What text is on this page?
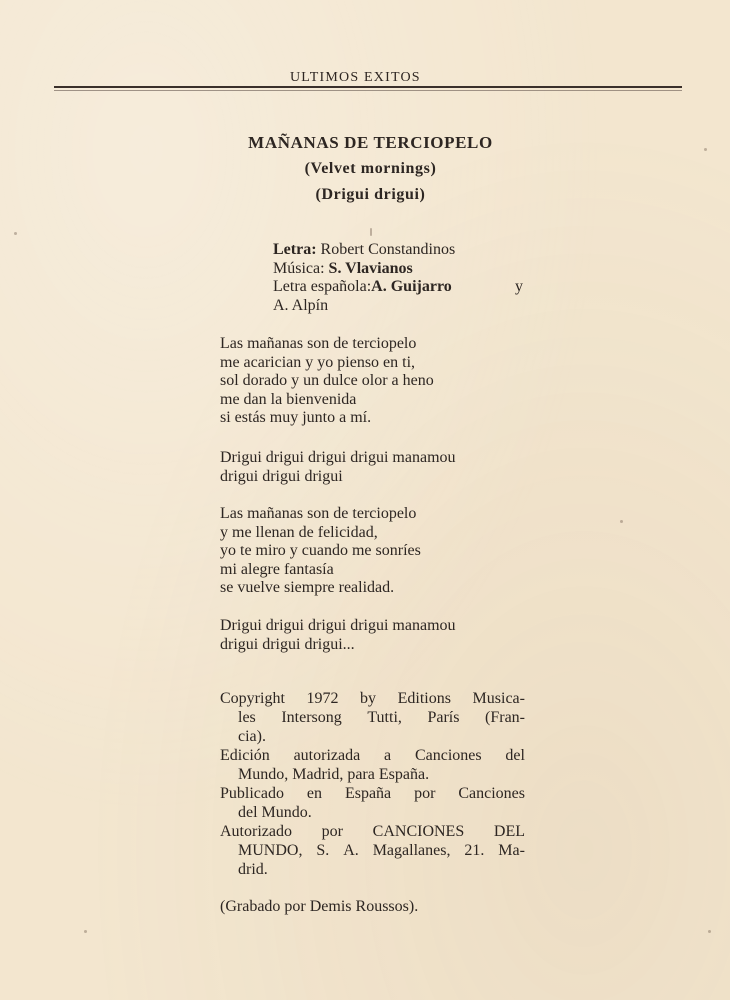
ULTIMOS EXITOS
MAÑANAS DE TERCIOPELO
(Velvet mornings)
(Drigui drigui)
Letra: Robert Constandinos
Música: S. Vlavianos
Letra española:A. Guijarro	y
A. Alpín
Las mañanas son de terciopelo
me acarician y yo pienso en ti,
sol dorado y un dulce olor a heno
me dan la bienvenida
si estás muy junto a mí.
Drigui drigui drigui drigui manamou
drigui drigui drigui
Las mañanas son de terciopelo
y me llenan de felicidad,
yo te miro y cuando me sonríes
mi alegre fantasía
se vuelve siempre realidad.
Drigui drigui drigui drigui manamou
drigui drigui drigui...
Copyright 1972 by Editions Musica-
les Intersong Tutti, París (Fran-
cia).
Edición autorizada a Canciones del
Mundo, Madrid, para España.
Publicado en España por Canciones
del Mundo.
Autorizado por CANCIONES DEL
MUNDO, S. A. Magallanes, 21. Ma-
drid.
(Grabado por Demis Roussos).
